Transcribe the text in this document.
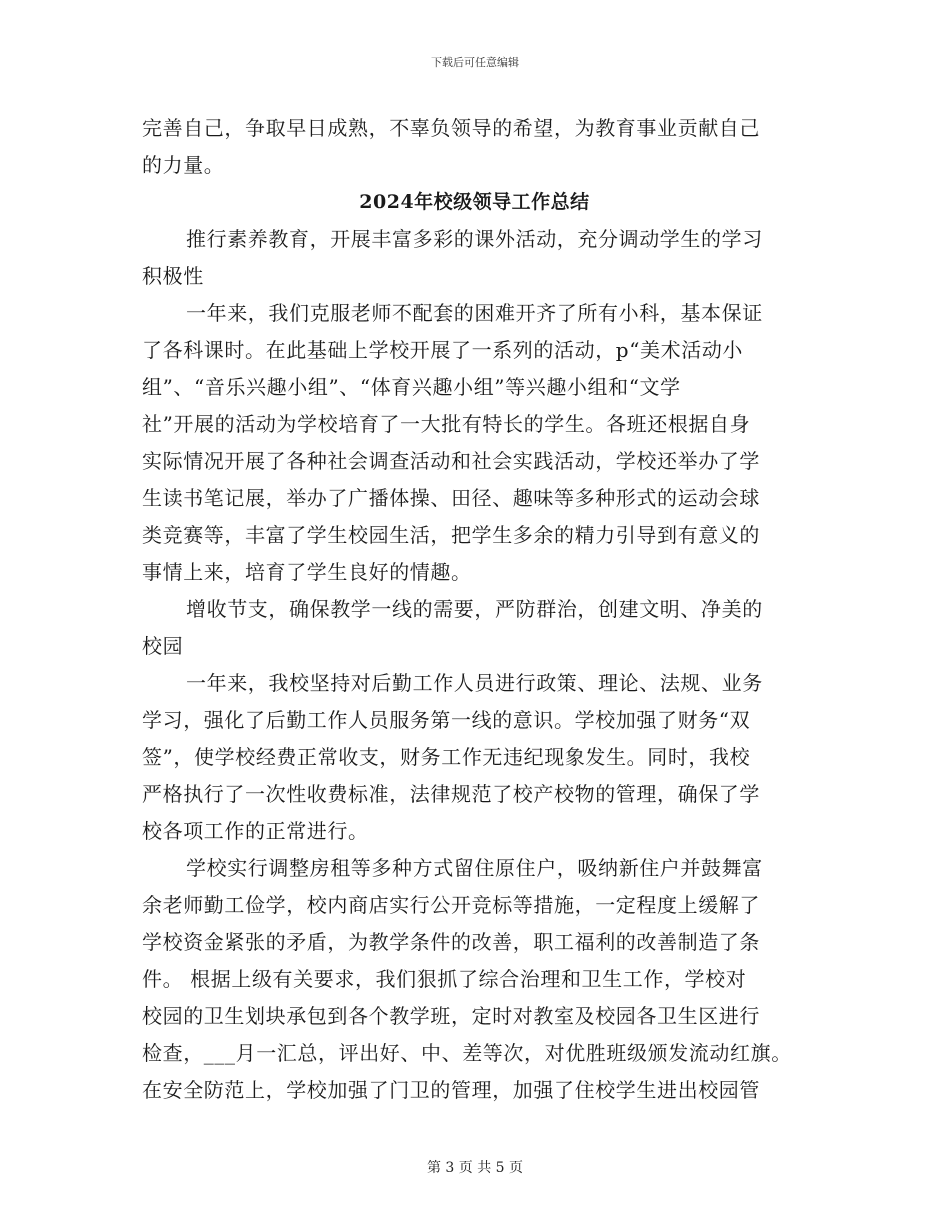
下载后可任意编辑
完善自己，争取早日成熟，不辜负领导的希望，为教育事业贡献自己
的力量。
2024年校级领导工作总结
推行素养教育，开展丰富多彩的课外活动，充分调动学生的学习
积极性
一年来，我们克服老师不配套的困难开齐了所有小科，基本保证
了各科课时。在此基础上学校开展了一系列的活动，p“美术活动小
组”、“音乐兴趣小组”、“体育兴趣小组”等兴趣小组和“文学
社”开展的活动为学校培育了一大批有特长的学生。各班还根据自身
实际情况开展了各种社会调查活动和社会实践活动，学校还举办了学
生读书笔记展，举办了广播体操、田径、趣味等多种形式的运动会球
类竞赛等，丰富了学生校园生活，把学生多余的精力引导到有意义的
事情上来，培育了学生良好的情趣。
增收节支，确保教学一线的需要，严防群治，创建文明、净美的
校园
一年来，我校坚持对后勤工作人员进行政策、理论、法规、业务
学习，强化了后勤工作人员服务第一线的意识。学校加强了财务“双
签”，使学校经费正常收支，财务工作无违纪现象发生。同时，我校
严格执行了一次性收费标准，法律规范了校产校物的管理，确保了学
校各项工作的正常进行。
学校实行调整房租等多种方式留住原住户，吸纳新住户并鼓舞富
余老师勤工俭学，校内商店实行公开竞标等措施，一定程度上缓解了
学校资金紧张的矛盾，为教学条件的改善，职工福利的改善制造了条
件。 根据上级有关要求，我们狠抓了综合治理和卫生工作，学校对
校园的卫生划块承包到各个教学班，定时对教室及校园各卫生区进行
检查，___月一汇总，评出好、中、差等次，对优胜班级颁发流动红旗。
在安全防范上，学校加强了门卫的管理，加强了住校学生进出校园管
第 3 页 共 5 页
